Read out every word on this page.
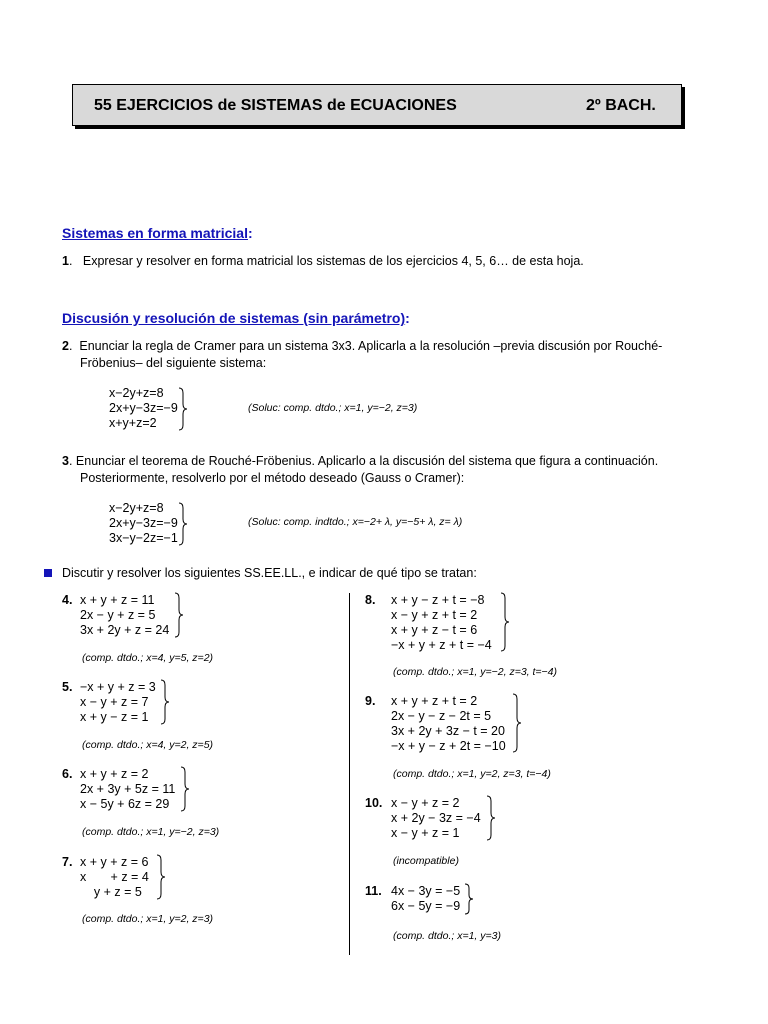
55 EJERCICIOS de SISTEMAS de ECUACIONES	2º BACH.
Sistemas en forma matricial:
1.   Expresar y resolver en forma matricial los sistemas de los ejercicios 4, 5, 6… de esta hoja.
Discusión y resolución de sistemas (sin parámetro):
2.  Enunciar la regla de Cramer para un sistema 3x3. Aplicarla a la resolución –previa discusión por Rouché-
Fröbenius– del siguiente sistema:
x−2y+z=8
2x+y−3z=−9
x+y+z=2
(Soluc: comp. dtdo.; x=1, y=−2, z=3)
3. Enunciar el teorema de Rouché-Fröbenius. Aplicarlo a la discusión del sistema que figura a continuación.
Posteriormente, resolverlo por el método deseado (Gauss o Cramer):
x−2y+z=8
2x+y−3z=−9
3x−y−2z=−1
(Soluc: comp. indtdo.; x=−2+ λ, y=−5+ λ, z= λ)
Discutir y resolver los siguientes SS.EE.LL., e indicar de qué tipo se tratan:
4. x + y + z = 11
2x − y + z = 5
3x + 2y + z = 24
(comp. dtdo.; x=4, y=5, z=2)
5. −x + y + z = 3
x − y + z = 7
x + y − z = 1
(comp. dtdo.; x=4, y=2, z=5)
6. x + y + z = 2
2x + 3y + 5z = 11
x − 5y + 6z = 29
(comp. dtdo.; x=1, y=−2, z=3)
7. x + y + z = 6
x       + z = 4
y + z = 5
(comp. dtdo.; x=1, y=2, z=3)
8. x + y − z + t = −8
x − y + z + t = 2
x + y + z − t = 6
−x + y + z + t = −4
(comp. dtdo.; x=1, y=−2, z=3, t=−4)
9. x + y + z + t = 2
2x − y − z − 2t = 5
3x + 2y + 3z − t = 20
−x + y − z + 2t = −10
(comp. dtdo.; x=1, y=2, z=3, t=−4)
10. x − y + z = 2
x + 2y − 3z = −4
x − y + z = 1
(incompatible)
11. 4x − 3y = −5
6x − 5y = −9
(comp. dtdo.; x=1, y=3)
